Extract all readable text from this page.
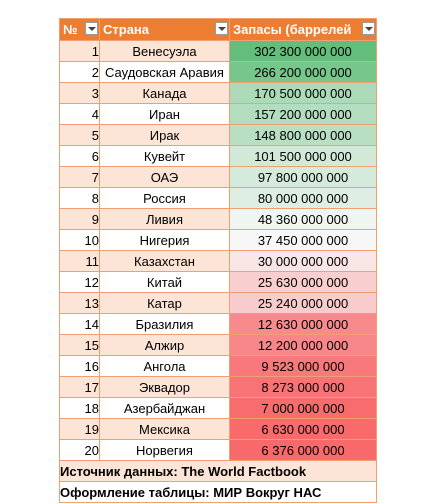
№	Страна	Запасы (баррелей

1	Венесуэла	302 300 000 000
2	Саудовская Аравия	266 200 000 000
3	Канада	170 500 000 000
4	Иран	157 200 000 000
5	Ирак	148 800 000 000
6	Кувейт	101 500 000 000
7	ОАЭ	97 800 000 000
8	Россия	80 000 000 000
9	Ливия	48 360 000 000
10	Нигерия	37 450 000 000
11	Казахстан	30 000 000 000
12	Китай	25 630 000 000
13	Катар	25 240 000 000
14	Бразилия	12 630 000 000
15	Алжир	12 200 000 000
16	Ангола	9 523 000 000
17	Эквадор	8 273 000 000
18	Азербайджан	7 000 000 000
19	Мексика	6 630 000 000
20	Норвегия	6 376 000 000
Источник данных: The World Factbook		
Оформление таблицы: МИР Вокруг НАС		
